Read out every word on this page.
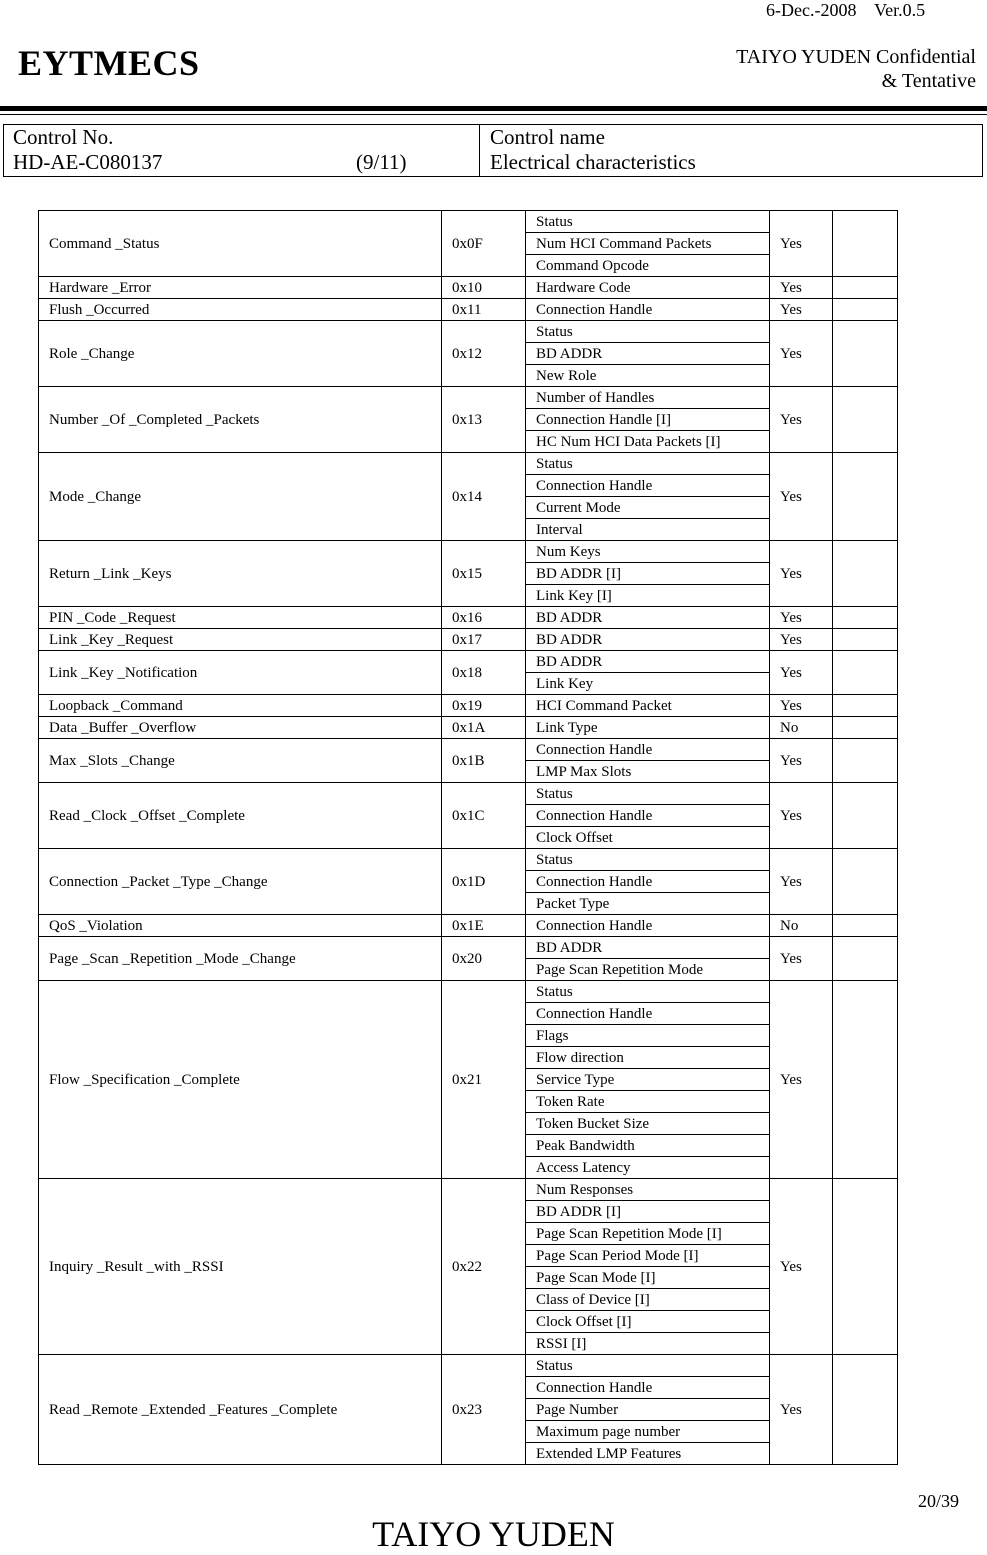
6-Dec.-2008    Ver.0.5
EYTMECS	TAIYO YUDEN Confidential
& Tentative
Control No.
HD-AE-C080137	(9/11)
Control name
Electrical characteristics
Command _Status	0x0F	Status	Yes	
		Num HCI Command Packets		
		Command Opcode		
Hardware _Error	0x10	Hardware Code	Yes	
Flush _Occurred	0x11	Connection Handle	Yes	
Role _Change	0x12	Status	Yes	
		BD ADDR		
		New Role		
Number _Of _Completed _Packets	0x13	Number of Handles	Yes	
		Connection Handle [I]		
		HC Num HCI Data Packets [I]		
Mode _Change	0x14	Status	Yes	
		Connection Handle		
		Current Mode		
		Interval		
Return _Link _Keys	0x15	Num Keys	Yes	
		BD ADDR [I]		
		Link Key [I]		
PIN _Code _Request	0x16	BD ADDR	Yes	
Link _Key _Request	0x17	BD ADDR	Yes	
Link _Key _Notification	0x18	BD ADDR	Yes	
		Link Key		
Loopback _Command	0x19	HCI Command Packet	Yes	
Data _Buffer _Overflow	0x1A	Link Type	No	
Max _Slots _Change	0x1B	Connection Handle	Yes	
		LMP Max Slots		
Read _Clock _Offset _Complete	0x1C	Status	Yes	
		Connection Handle		
		Clock Offset		
Connection _Packet _Type _Change	0x1D	Status	Yes	
		Connection Handle		
		Packet Type		
QoS _Violation	0x1E	Connection Handle	No	
Page _Scan _Repetition _Mode _Change	0x20	BD ADDR	Yes	
		Page Scan Repetition Mode		
Flow _Specification _Complete	0x21	Status	Yes	
		Connection Handle		
		Flags		
		Flow direction		
		Service Type		
		Token Rate		
		Token Bucket Size		
		Peak Bandwidth		
		Access Latency		
Inquiry _Result _with _RSSI	0x22	Num Responses	Yes	
		BD ADDR [I]		
		Page Scan Repetition Mode [I]		
		Page Scan Period Mode [I]		
		Page Scan Mode [I]		
		Class of Device [I]		
		Clock Offset [I]		
		RSSI [I]		
Read _Remote _Extended _Features _Complete	0x23	Status	Yes	
		Connection Handle		
		Page Number		
		Maximum page number		
		Extended LMP Features		
20/39
TAIYO YUDEN
